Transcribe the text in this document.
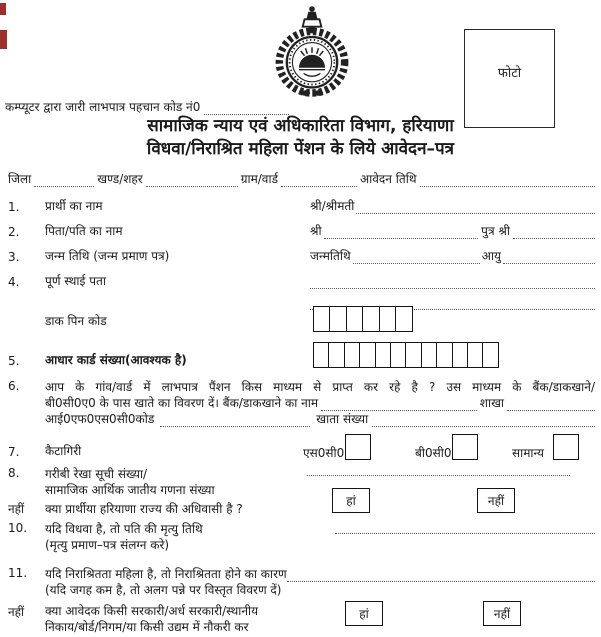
फोटो
कम्प्यूटर द्वारा जारी लाभपात्र पहचान कोड नं0
सामाजिक न्याय एवं अधिकारिता विभाग, हरियाणा
विधवा/निराश्रित महिला पेंशन के लिये आवेदन–पत्र
जिला	खण्ड/शहर	ग्राम/वार्ड	आवेदन तिथि
1.	प्रार्थी का नाम	श्री/श्रीमती
2.	पिता/पति का नाम	श्री	पुत्र श्री
3.	जन्म तिथि (जन्म प्रमाण पत्र)	जन्मतिथि	आयु
4.	पूर्ण स्थाई पता
डाक पिन कोड
5.	आधार कार्ड संख्या(आवश्यक है)
6.	आप के गांव/वार्ड में लाभपात्र पैंशन किस माध्यम से प्राप्त कर रहे है ? उस माध्यम के बैंक/डाकखाने/
बी0सी0ए0 के पास खाते का विवरण दें। बैंक/डाकखाने का नाम	शाखा
आई0एफ0एस0सी0कोड	खाता संख्या
7.	कैटागिरी	एस0सी0	बी0सी0	सामान्य
8.	गरीबी रेखा सूची संख्या/
सामाजिक आर्थिक जातीय गणना संख्या
नहीं	क्या प्रार्थीया हरियाणा राज्य की अधिवासी है ?
हां	नहीं
10.	यदि विधवा है, तो पति की मृत्यु तिथि
(मृत्यु प्रमाण–पत्र संलग्न करे)
11.	यदि निराश्रितता महिला है, तो निराश्रितता होने का कारण
(यदि जगह कम है, तो अलग पन्ने पर विस्तृत विवरण दें)
नहीं	क्या आवेदक किसी सरकारी/अर्ध सरकारी/स्थानीय
निकाय/बोर्ड/निगम/या किसी उद्यम में नौकरी कर
हां	नहीं
